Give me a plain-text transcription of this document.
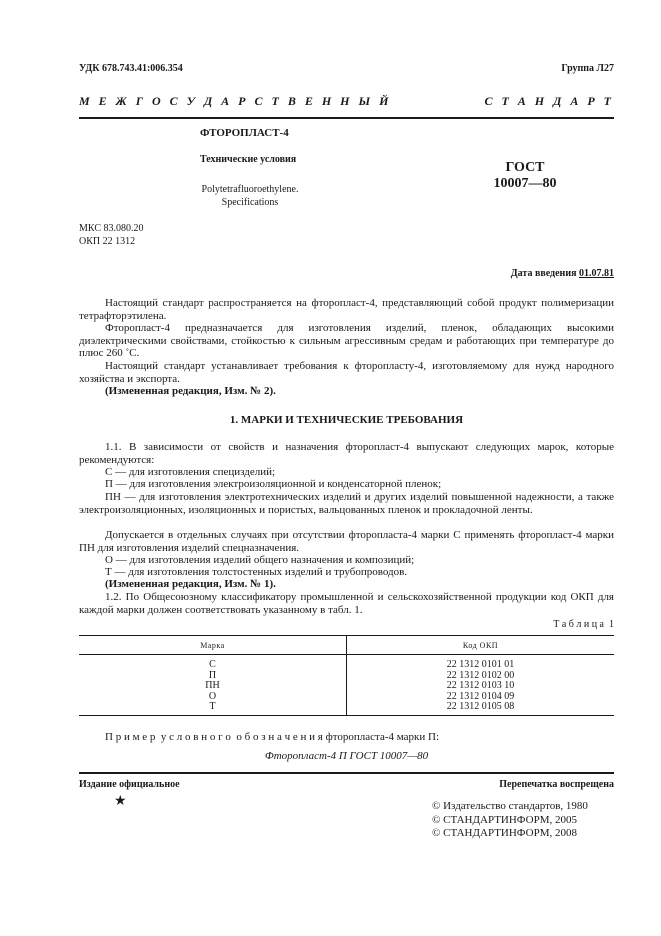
УДК 678.743.41:006.354	Группа Л27
М Е Ж Г О С У Д А Р С Т В Е Н Н Ы Й	С Т А Н Д А Р Т
ФТОРОПЛАСТ-4
Технические условия
Polytetrafluoroethylene.
Specifications
ГОСТ
10007—80
МКС 83.080.20
ОКП 22 1312
Дата введения 01.07.81
Настоящий стандарт распространяется на фторопласт-4, представляющий собой продукт полимеризации тетрафторэтилена.
Фторопласт-4 предназначается для изготовления изделий, пленок, обладающих высокими диэлектрическими свойствами, стойкостью к сильным агрессивным средам и работающих при температуре до плюс 260 ˚С.
Настоящий стандарт устанавливает требования к фторопласту-4, изготовляемому для нужд народного хозяйства и экспорта.
(Измененная редакция, Изм. № 2).
1. МАРКИ И ТЕХНИЧЕСКИЕ ТРЕБОВАНИЯ
1.1. В зависимости от свойств и назначения фторопласт-4 выпускают следующих марок, которые рекомендуются:
С — для изготовления специзделий;
П — для изготовления электроизоляционной и конденсаторной пленок;
ПН — для изготовления электротехнических изделий и других изделий повышенной надежности, а также электроизоляционных, изоляционных и пористых, вальцованных пленок и прокладочной ленты.
Допускается в отдельных случаях при отсутствии фторопласта-4 марки С применять фторопласт-4 марки ПН для изготовления изделий спецназначения.
О — для изготовления изделий общего назначения и композиций;
Т — для изготовления толстостенных изделий и трубопроводов.
(Измененная редакция, Изм. № 1).
1.2. По Общесоюзному классификатору промышленной и сельскохозяйственной продукции код ОКП для каждой марки должен соответствовать указанному в табл. 1.
Т а б л и ц а  1
Марка	Код ОКП
С	22 1312 0101 01
П	22 1312 0102 00
ПН	22 1312 0103 10
О	22 1312 0104 09
Т	22 1312 0105 08
П р и м е р  у с л о в н о г о  о б о з н а ч е н и я фторопласта-4 марки П:
Фторопласт-4 П ГОСТ 10007—80
Издание официальное	Перепечатка воспрещена
★	© Издательство стандартов, 1980
© СТАНДАРТИНФОРМ, 2005
© СТАНДАРТИНФОРМ, 2008
